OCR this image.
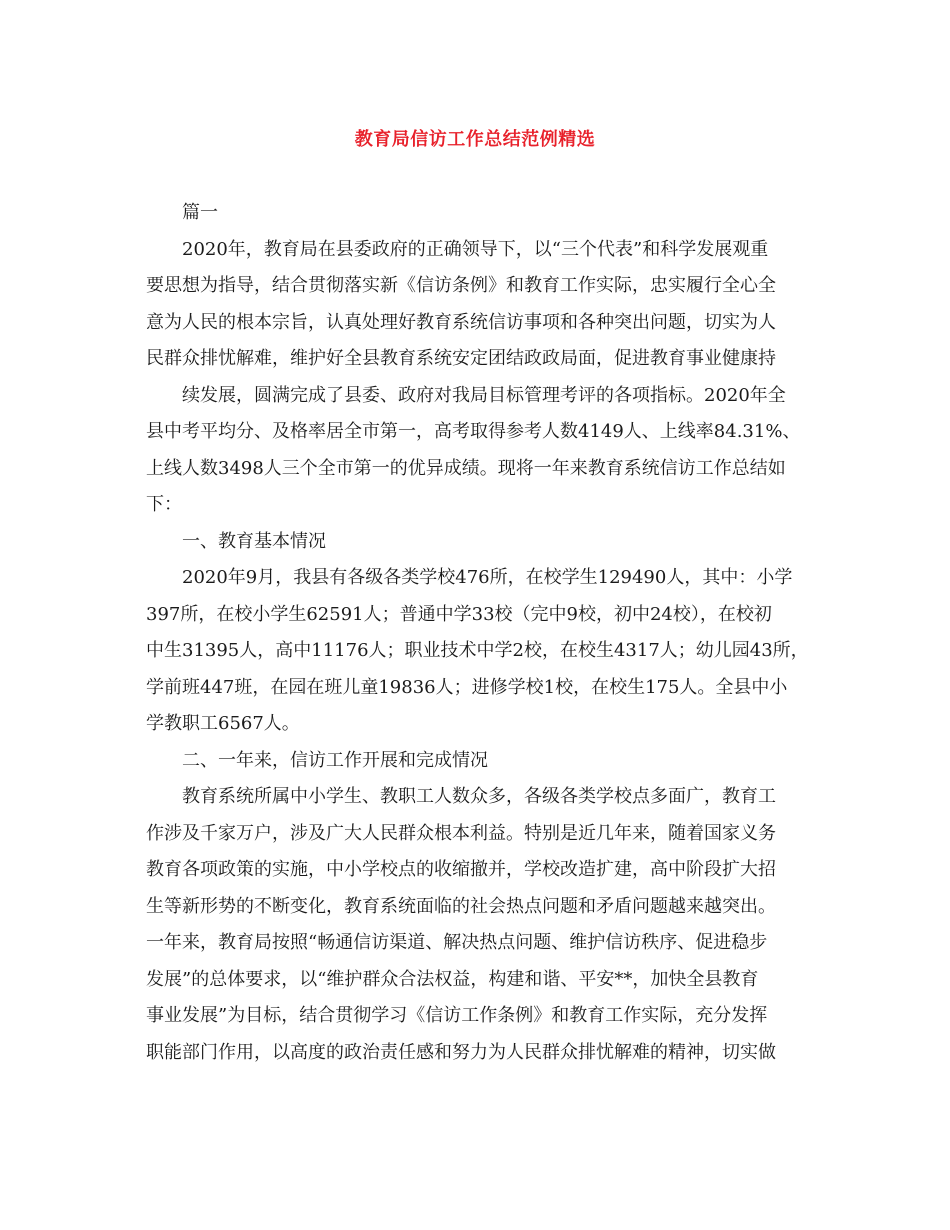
教育局信访工作总结范例精选
篇一
2020年，教育局在县委政府的正确领导下，以“三个代表”和科学发展观重
要思想为指导，结合贯彻落实新《信访条例》和教育工作实际，忠实履行全心全
意为人民的根本宗旨，认真处理好教育系统信访事项和各种突出问题，切实为人
民群众排忧解难，维护好全县教育系统安定团结政政局面，促进教育事业健康持
续发展，圆满完成了县委、政府对我局目标管理考评的各项指标。2020年全
县中考平均分、及格率居全市第一，高考取得参考人数4149人、上线率84.31%、
上线人数3498人三个全市第一的优异成绩。现将一年来教育系统信访工作总结如
下：
一、教育基本情况
2020年9月，我县有各级各类学校476所，在校学生129490人，其中：小学
397所，在校小学生62591人；普通中学33校（完中9校，初中24校），在校初
中生31395人，高中11176人；职业技术中学2校，在校生4317人；幼儿园43所，
学前班447班，在园在班儿童19836人；进修学校1校，在校生175人。全县中小
学教职工6567人。
二、一年来，信访工作开展和完成情况
教育系统所属中小学生、教职工人数众多，各级各类学校点多面广，教育工
作涉及千家万户，涉及广大人民群众根本利益。特别是近几年来，随着国家义务
教育各项政策的实施，中小学校点的收缩撤并，学校改造扩建，高中阶段扩大招
生等新形势的不断变化，教育系统面临的社会热点问题和矛盾问题越来越突出。
一年来，教育局按照“畅通信访渠道、解决热点问题、维护信访秩序、促进稳步
发展”的总体要求，以“维护群众合法权益，构建和谐、平安**，加快全县教育
事业发展”为目标，结合贯彻学习《信访工作条例》和教育工作实际，充分发挥
职能部门作用，以高度的政治责任感和努力为人民群众排忧解难的精神，切实做
